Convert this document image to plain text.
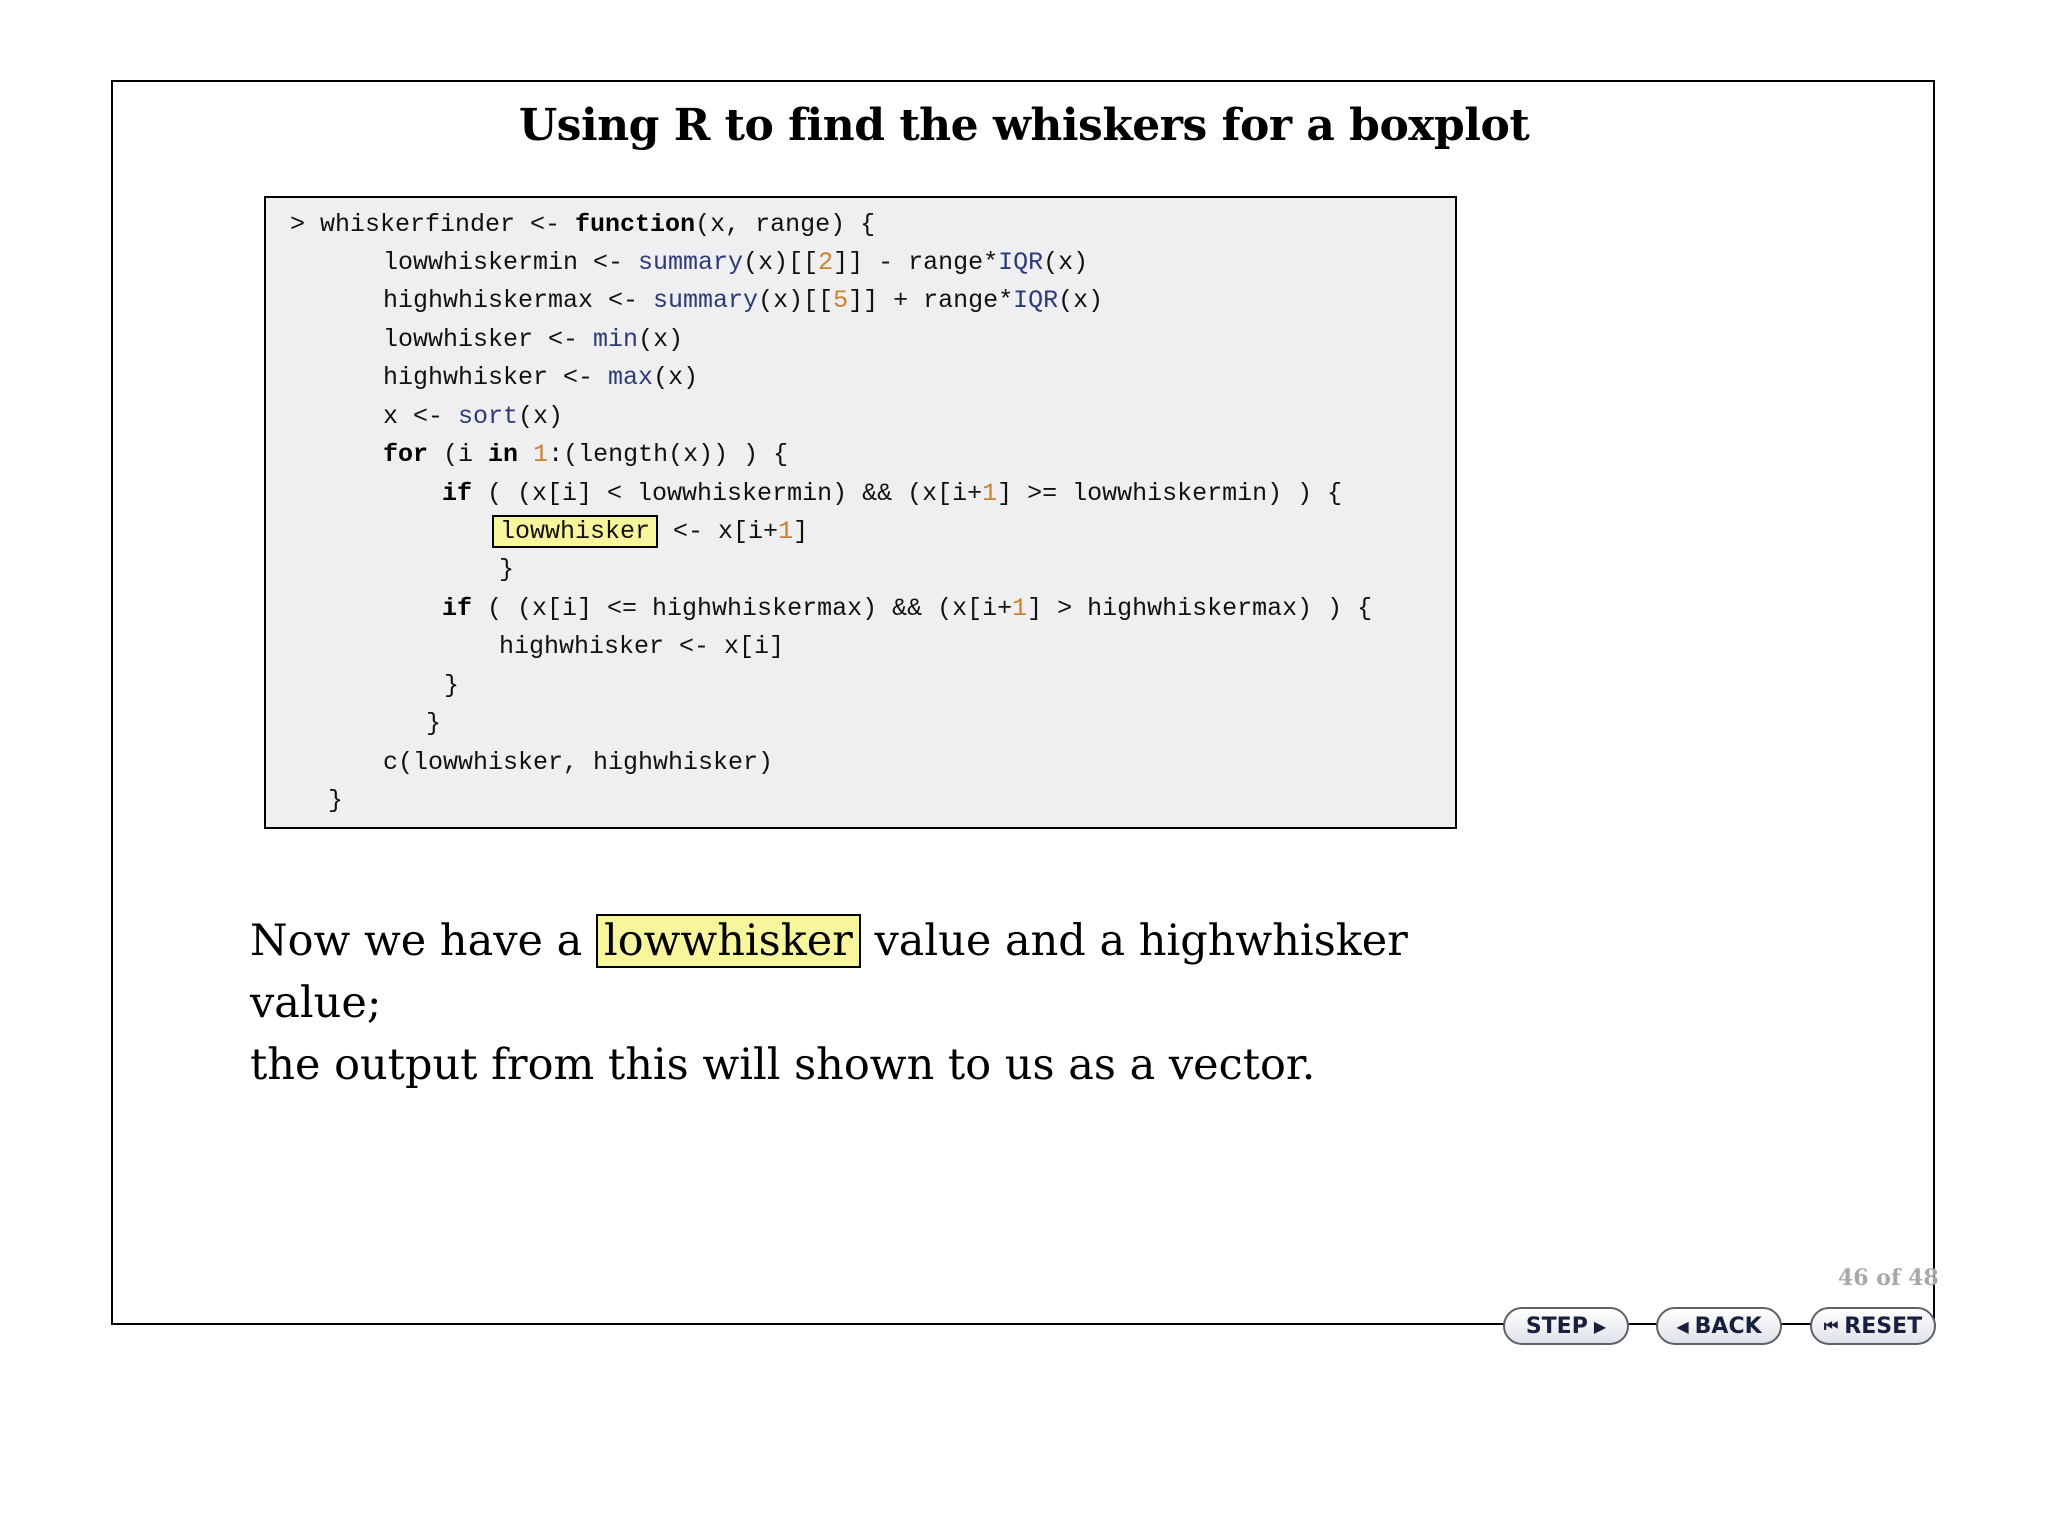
Using R to find the whiskers for a boxplot
> whiskerfinder <- function(x, range) {
lowwhiskermin <- summary(x)[[2]] - range*IQR(x)
highwhiskermax <- summary(x)[[5]] + range*IQR(x)
lowwhisker <- min(x)
highwhisker <- max(x)
x <- sort(x)
for (i in 1:(length(x)) ) {
if ( (x[i] < lowwhiskermin) && (x[i+1] >= lowwhiskermin) ) {
lowwhisker <- x[i+1]
}
if ( (x[i] <= highwhiskermax) && (x[i+1] > highwhiskermax) ) {
highwhisker <- x[i]
}
}
c(lowwhisker, highwhisker)
}
Now we have a lowwhisker value and a highwhisker value;
the output from this will shown to us as a vector.
46 of 48
STEP ▶	◀ BACK	⏮ RESET
